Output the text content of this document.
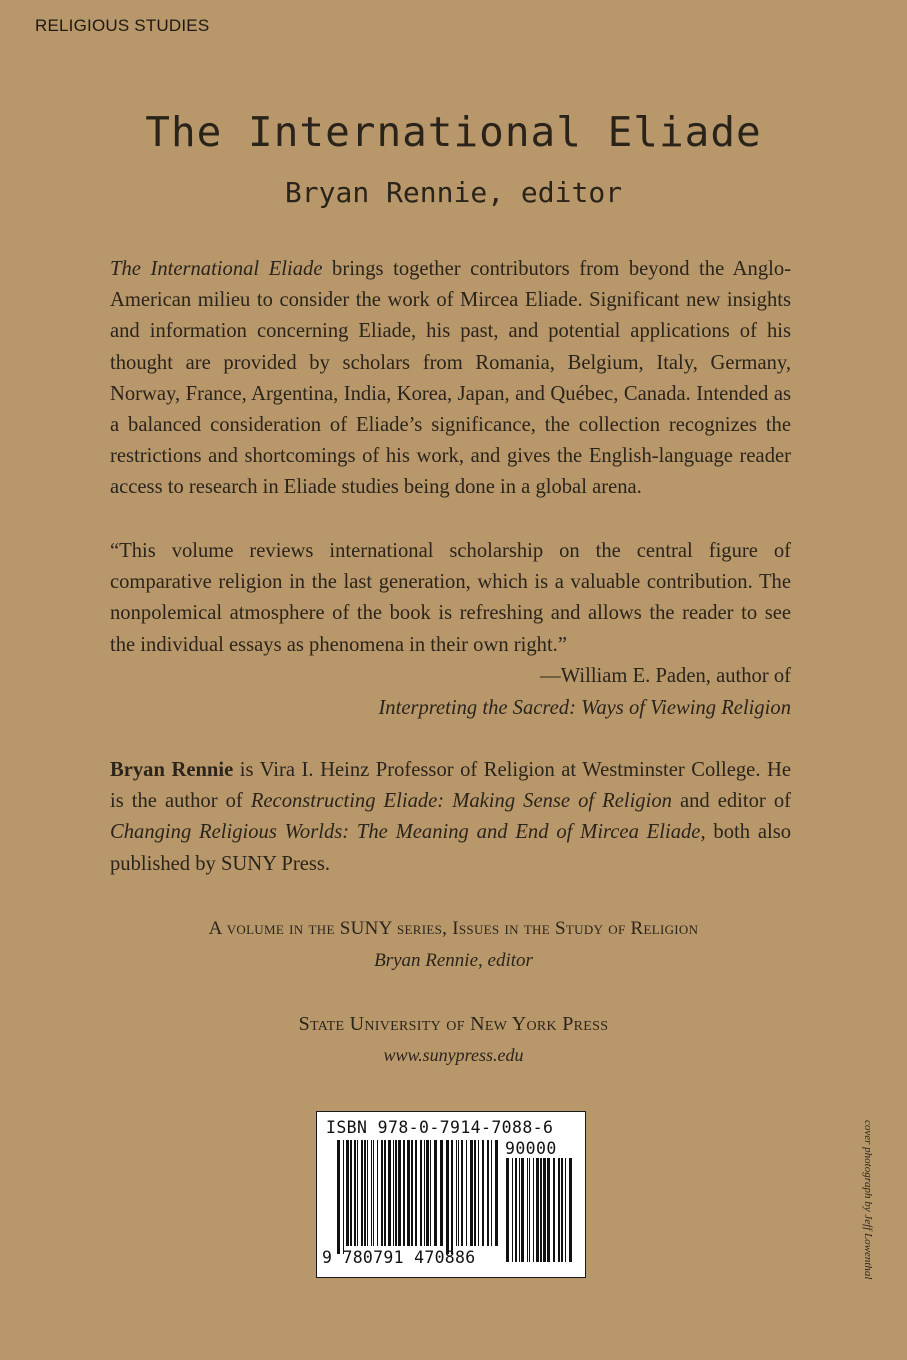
RELIGIOUS STUDIES
The International Eliade
Bryan Rennie, editor

The International Eliade brings together contributors from beyond the Anglo-American milieu to consider the work of Mircea Eliade. Significant new insights and information concerning Eliade, his past, and potential applications of his thought are provided by scholars from Romania, Belgium, Italy, Germany, Norway, France, Argentina, India, Korea, Japan, and Québec, Canada. Intended as a balanced consideration of Eliade’s significance, the collection recognizes the restrictions and shortcomings of his work, and gives the English-language reader access to research in Eliade studies being done in a global arena.

“This volume reviews international scholarship on the central figure of comparative religion in the last generation, which is a valuable contribution. The nonpolemical atmosphere of the book is refreshing and allows the reader to see the individual essays as phenomena in their own right.”

—William E. Paden, author of
Interpreting the Sacred: Ways of Viewing Religion

Bryan Rennie is Vira I. Heinz Professor of Religion at Westminster College. He is the author of Reconstructing Eliade: Making Sense of Religion and editor of Changing Religious Worlds: The Meaning and End of Mircea Eliade, both also published by SUNY Press.

A volume in the SUNY series, Issues in the Study of Religion
Bryan Rennie, editor
State University of New York Press
www.sunypress.edu
ISBN 978-0-7914-7088-6
90000
9 780791 470886	cover photograph by Jeff Lowenthal
